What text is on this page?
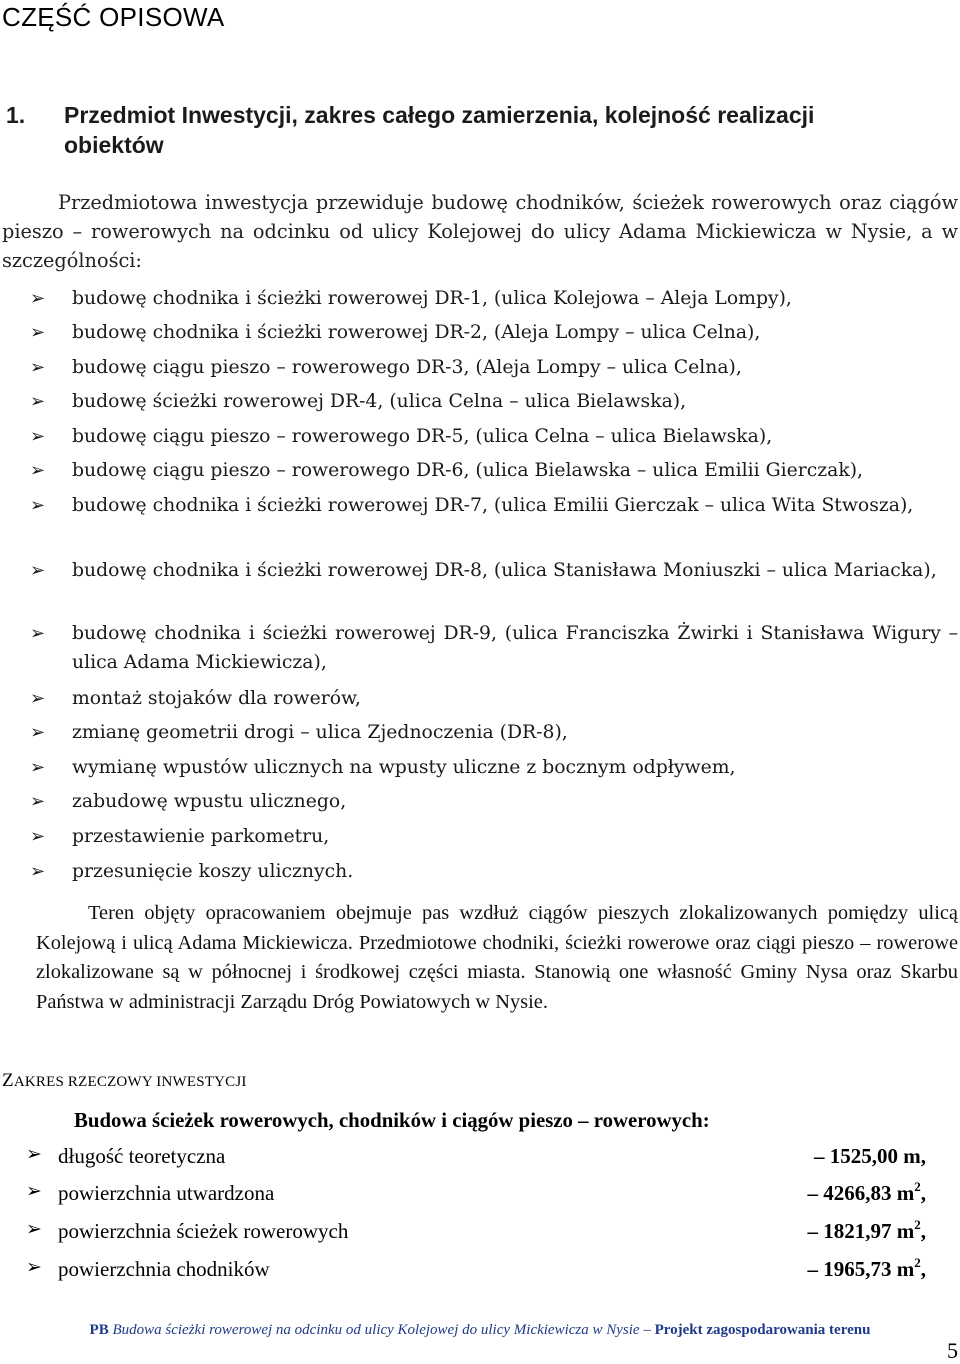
CZĘŚĆ OPISOWA
1. Przedmiot Inwestycji, zakres całego zamierzenia, kolejność realizacji
obiektów

Przedmiotowa inwestycja przewiduje budowę chodników, ścieżek rowerowych oraz ciągów pieszo – rowerowych na odcinku od ulicy Kolejowej do ulicy Adama Mickiewicza w Nysie, a w szczególności:

➢	budowę chodnika i ścieżki rowerowej DR-1, (ulica Kolejowa – Aleja Lompy),
➢	budowę chodnika i ścieżki rowerowej DR-2, (Aleja Lompy – ulica Celna),
➢	budowę ciągu pieszo – rowerowego DR-3, (Aleja Lompy – ulica Celna),
➢	budowę ścieżki rowerowej DR-4, (ulica Celna – ulica Bielawska),
➢	budowę ciągu pieszo – rowerowego DR-5, (ulica Celna – ulica Bielawska),
➢	budowę ciągu pieszo – rowerowego DR-6, (ulica Bielawska – ulica Emilii Gierczak),
➢	budowę chodnika i ścieżki rowerowej DR-7, (ulica Emilii Gierczak – ulica Wita Stwosza),
➢	budowę chodnika i ścieżki rowerowej DR-8, (ulica Stanisława Moniuszki – ulica Mariacka),
➢	budowę chodnika i ścieżki rowerowej DR-9, (ulica Franciszka Żwirki i Stanisława Wigury – ulica Adama Mickiewicza),
➢	montaż stojaków dla rowerów,
➢	zmianę geometrii drogi – ulica Zjednoczenia (DR-8),
➢	wymianę wpustów ulicznych na wpusty uliczne z bocznym odpływem,
➢	zabudowę wpustu ulicznego,
➢	przestawienie parkometru,
➢	przesunięcie koszy ulicznych.

Teren objęty opracowaniem obejmuje pas wzdłuż ciągów pieszych zlokalizowanych pomiędzy ulicą Kolejową i ulicą Adama Mickiewicza. Przedmiotowe chodniki, ścieżki rowerowe oraz ciągi pieszo – rowerowe zlokalizowane są w północnej i środkowej części miasta. Stanowią one własność Gminy Nysa oraz Skarbu Państwa w administracji Zarządu Dróg Powiatowych w Nysie.

ZAKRES RZECZOWY INWESTYCJI
Budowa ścieżek rowerowych, chodników i ciągów pieszo – rowerowych:
➢ długość teoretyczna	– 1525,00 m,
➢ powierzchnia utwardzona	– 4266,83 $m^2$,
➢ powierzchnia ścieżek rowerowych	– 1821,97 $m^2$,
➢ powierzchnia chodników	– 1965,73 $m^2$,
PB Budowa ścieżki rowerowej na odcinku od ulicy Kolejowej do ulicy Mickiewicza w Nysie – Projekt zagospodarowania terenu
5
